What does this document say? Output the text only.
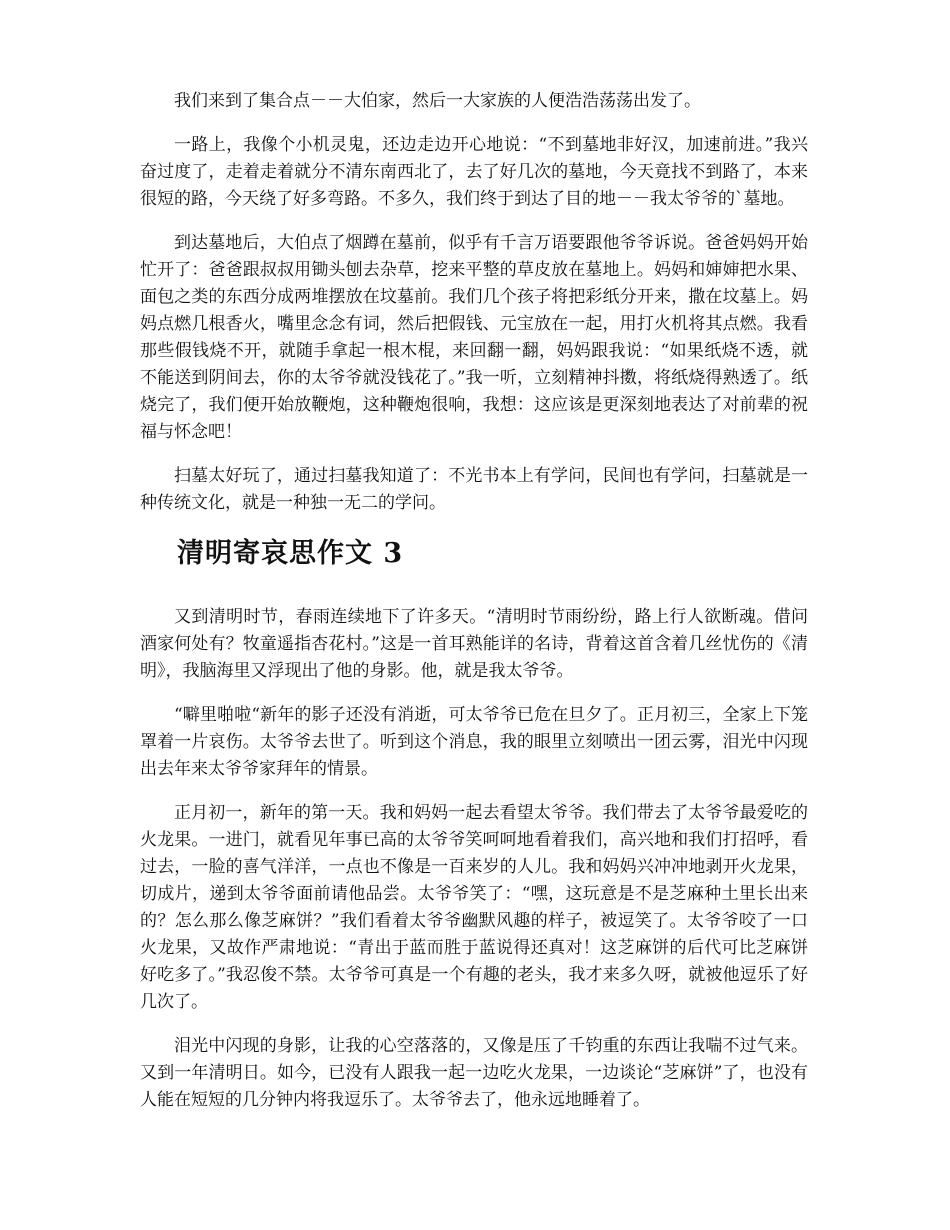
我们来到了集合点－－大伯家，然后一大家族的人便浩浩荡荡出发了。

一路上，我像个小机灵鬼，还边走边开心地说：“不到墓地非好汉，加速前进。”我兴奋过度了，走着走着就分不清东南西北了，去了好几次的墓地，今天竟找不到路了，本来很短的路，今天绕了好多弯路。不多久，我们终于到达了目的地－－我太爷爷的`墓地。

到达墓地后，大伯点了烟蹲在墓前，似乎有千言万语要跟他爷爷诉说。爸爸妈妈开始忙开了：爸爸跟叔叔用锄头刨去杂草，挖来平整的草皮放在墓地上。妈妈和婶婶把水果、面包之类的东西分成两堆摆放在坟墓前。我们几个孩子将把彩纸分开来，撒在坟墓上。妈妈点燃几根香火，嘴里念念有词，然后把假钱、元宝放在一起，用打火机将其点燃。我看那些假钱烧不开，就随手拿起一根木棍，来回翻一翻，妈妈跟我说：“如果纸烧不透，就不能送到阴间去，你的太爷爷就没钱花了。”我一听，立刻精神抖擞，将纸烧得熟透了。纸烧完了，我们便开始放鞭炮，这种鞭炮很响，我想：这应该是更深刻地表达了对前辈的祝福与怀念吧！

扫墓太好玩了，通过扫墓我知道了：不光书本上有学问，民间也有学问，扫墓就是一种传统文化，就是一种独一无二的学问。

清明寄哀思作文 3

又到清明时节，春雨连续地下了许多天。“清明时节雨纷纷，路上行人欲断魂。借问酒家何处有？牧童遥指杏花村。”这是一首耳熟能详的名诗，背着这首含着几丝忧伤的《清明》，我脑海里又浮现出了他的身影。他，就是我太爷爷。

“噼里啪啦“新年的影子还没有消逝，可太爷爷已危在旦夕了。正月初三，全家上下笼罩着一片哀伤。太爷爷去世了。听到这个消息，我的眼里立刻喷出一团云雾，泪光中闪现出去年来太爷爷家拜年的情景。

正月初一，新年的第一天。我和妈妈一起去看望太爷爷。我们带去了太爷爷最爱吃的火龙果。一进门，就看见年事已高的太爷爷笑呵呵地看着我们，高兴地和我们打招呼，看过去，一脸的喜气洋洋，一点也不像是一百来岁的人儿。我和妈妈兴冲冲地剥开火龙果，切成片，递到太爷爷面前请他品尝。太爷爷笑了：“嘿，这玩意是不是芝麻种土里长出来的？怎么那么像芝麻饼？”我们看着太爷爷幽默风趣的样子，被逗笑了。太爷爷咬了一口火龙果，又故作严肃地说：“青出于蓝而胜于蓝说得还真对！这芝麻饼的后代可比芝麻饼好吃多了。”我忍俊不禁。太爷爷可真是一个有趣的老头，我才来多久呀，就被他逗乐了好几次了。

泪光中闪现的身影，让我的心空落落的，又像是压了千钧重的东西让我喘不过气来。又到一年清明日。如今，已没有人跟我一起一边吃火龙果，一边谈论“芝麻饼”了，也没有人能在短短的几分钟内将我逗乐了。太爷爷去了，他永远地睡着了。
